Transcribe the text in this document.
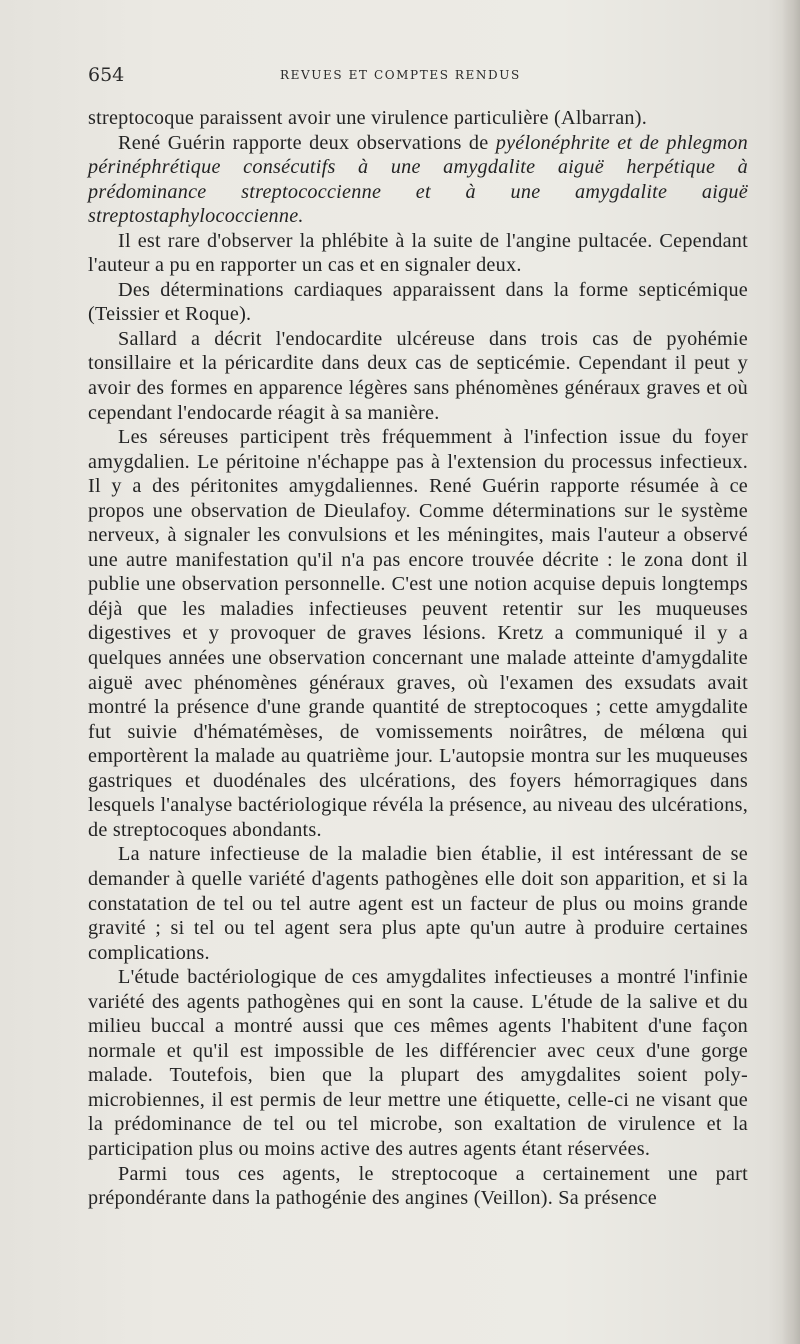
654	REVUES ET COMPTES RENDUS

streptocoque paraissent avoir une virulence particulière (Albarran).

René Guérin rapporte deux observations de pyélonéphrite et de phlegmon périnéphrétique consécutifs à une amygdalite aiguë herpétique à prédominance streptococcienne et à une amygdalite aiguë streptostaphylococcienne.

Il est rare d'observer la phlébite à la suite de l'angine pultacée. Cependant l'auteur a pu en rapporter un cas et en signaler deux.

Des déterminations cardiaques apparaissent dans la forme septicémique (Teissier et Roque).

Sallard a décrit l'endocardite ulcéreuse dans trois cas de pyohémie tonsillaire et la péricardite dans deux cas de septicémie. Cependant il peut y avoir des formes en apparence légères sans phénomènes généraux graves et où cependant l'endocarde réagit à sa manière.

Les séreuses participent très fréquemment à l'infection issue du foyer amygdalien. Le péritoine n'échappe pas à l'extension du processus infectieux. Il y a des péritonites amygdaliennes. René Guérin rapporte résumée à ce propos une observation de Dieulafoy. Comme déterminations sur le système nerveux, à signaler les convulsions et les méningites, mais l'auteur a observé une autre manifestation qu'il n'a pas encore trouvée décrite : le zona dont il publie une observation personnelle. C'est une notion acquise depuis longtemps déjà que les maladies infectieuses peuvent retentir sur les muqueuses digestives et y provoquer de graves lésions. Kretz a communiqué il y a quelques années une observation concernant une malade atteinte d'amygdalite aiguë avec phénomènes généraux graves, où l'examen des exsudats avait montré la présence d'une grande quantité de streptocoques ; cette amygdalite fut suivie d'hématémèses, de vomissements noirâtres, de mélœna qui emportèrent la malade au quatrième jour. L'autopsie montra sur les muqueuses gastriques et duodénales des ulcérations, des foyers hémorragiques dans lesquels l'analyse bactériologique révéla la présence, au niveau des ulcérations, de streptocoques abondants.

La nature infectieuse de la maladie bien établie, il est intéressant de se demander à quelle variété d'agents pathogènes elle doit son apparition, et si la constatation de tel ou tel autre agent est un facteur de plus ou moins grande gravité ; si tel ou tel agent sera plus apte qu'un autre à produire certaines complications.

L'étude bactériologique de ces amygdalites infectieuses a montré l'infinie variété des agents pathogènes qui en sont la cause. L'étude de la salive et du milieu buccal a montré aussi que ces mêmes agents l'habitent d'une façon normale et qu'il est impossible de les différencier avec ceux d'une gorge malade. Toutefois, bien que la plupart des amygdalites soient poly-microbiennes, il est permis de leur mettre une étiquette, celle-ci ne visant que la prédominance de tel ou tel microbe, son exaltation de virulence et la participation plus ou moins active des autres agents étant réservées.

Parmi tous ces agents, le streptocoque a certainement une part prépondérante dans la pathogénie des angines (Veillon). Sa présence
